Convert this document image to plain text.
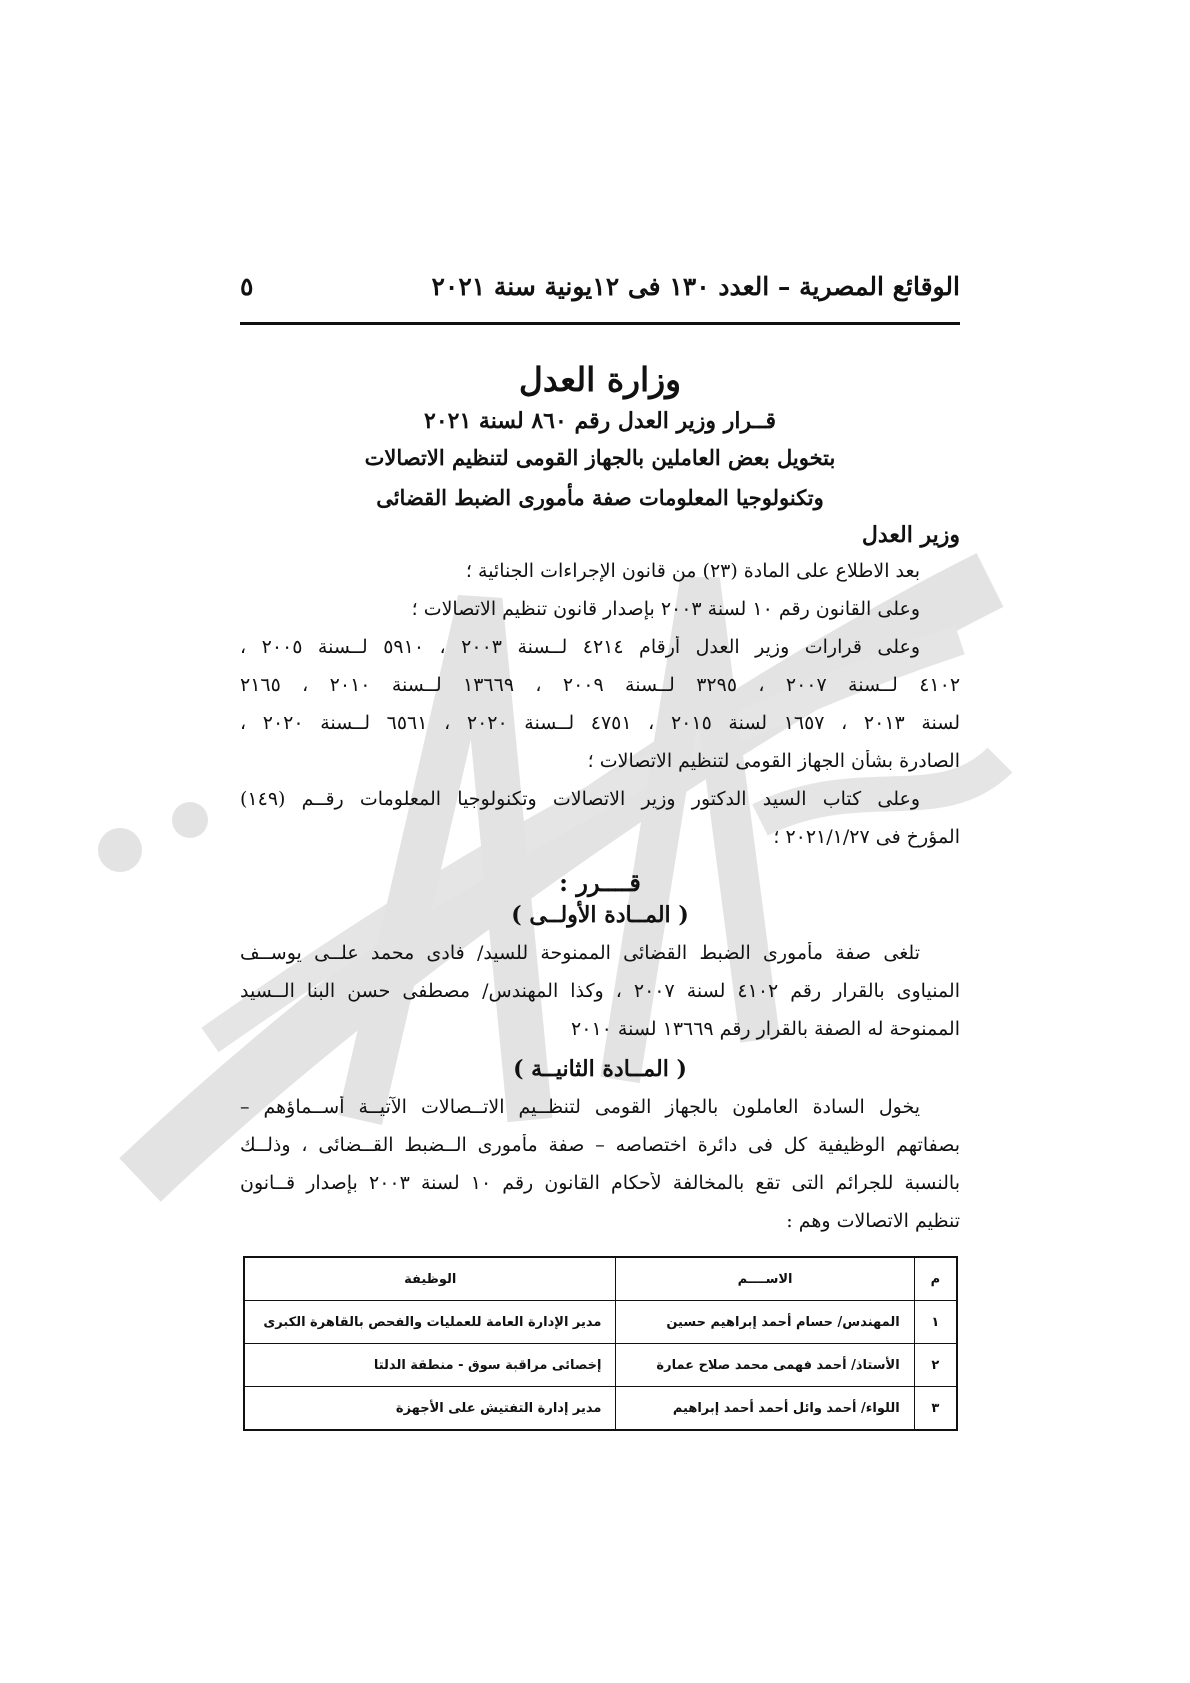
الوقائع المصرية – العدد ١٣٠ فى ١٢يونية سنة ٢٠٢١
٥
وزارة العدل
قــرار وزير العدل رقم ٨٦٠ لسنة ٢٠٢١
بتخويل بعض العاملين بالجهاز القومى لتنظيم الاتصالات
وتكنولوجيا المعلومات صفة مأمورى الضبط القضائى
وزير العدل
بعد الاطلاع على المادة (٢٣) من قانون الإجراءات الجنائية ؛
وعلى القانون رقم ١٠ لسنة ٢٠٠٣ بإصدار قانون تنظيم الاتصالات ؛
وعلى قرارات وزير العدل أرقام ٤٢١٤ لــسنة ٢٠٠٣ ، ٥٩١٠ لــسنة ٢٠٠٥ ،
٤١٠٢ لــسنة ٢٠٠٧ ، ٣٢٩٥ لــسنة ٢٠٠٩ ، ١٣٦٦٩ لــسنة ٢٠١٠ ، ٢١٦٥
لسنة ٢٠١٣ ، ١٦٥٧ لسنة ٢٠١٥ ، ٤٧٥١ لــسنة ٢٠٢٠ ، ٦٥٦١ لــسنة ٢٠٢٠ ،
الصادرة بشأن الجهاز القومى لتنظيم الاتصالات ؛
وعلى كتاب السيد الدكتور وزير الاتصالات وتكنولوجيا المعلومات رقــم (١٤٩)
المؤرخ فى ٢٠٢١/١/٢٧ ؛
قــــرر :
( المــادة الأولــى )
تلغى صفة مأمورى الضبط القضائى الممنوحة للسيد/ فادى محمد علــى يوســف
المنياوى بالقرار رقم ٤١٠٢ لسنة ٢٠٠٧ ، وكذا المهندس/ مصطفى حسن البنا الــسيد
الممنوحة له الصفة بالقرار رقم ١٣٦٦٩ لسنة ٢٠١٠
( المــادة الثانيــة )
يخول السادة العاملون بالجهاز القومى لتنظــيم الاتــصالات الآتيــة أســماؤهم –
بصفاتهم الوظيفية كل فى دائرة اختصاصه – صفة مأمورى الــضبط القــضائى ، وذلــك
بالنسبة للجرائم التى تقع بالمخالفة لأحكام القانون رقم ١٠ لسنة ٢٠٠٣ بإصدار قــانون
تنظيم الاتصالات وهم :
م	الاســــم	الوظيفة
١	المهندس/ حسام أحمد إبراهيم حسين	مدير الإدارة العامة للعمليات والفحص بالقاهرة الكبرى
٢	الأستاذ/ أحمد فهمى محمد صلاح عمارة	إخصائى مراقبة سوق - منطقة الدلتا
٣	اللواء/ أحمد وائل أحمد أحمد إبراهيم	مدير إدارة التفتيش على الأجهزة
